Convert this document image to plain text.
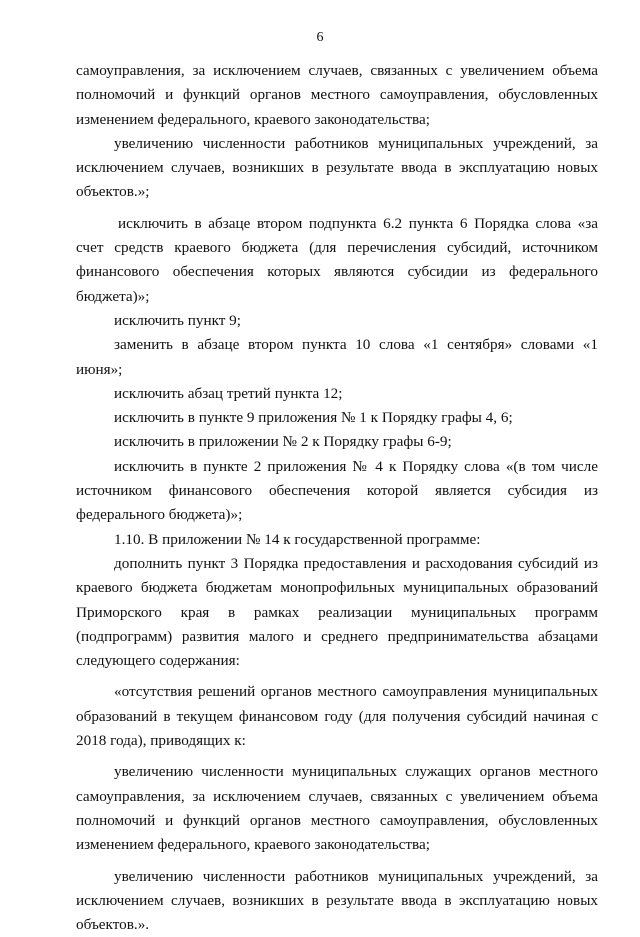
6

самоуправления, за исключением случаев, связанных с увеличением объема полномочий и функций органов местного самоуправления, обусловленных изменением федерального, краевого законодательства;

увеличению численности работников муниципальных учреждений, за исключением случаев, возникших в результате ввода в эксплуатацию новых объектов.»;

исключить в абзаце втором подпункта 6.2 пункта 6 Порядка слова «за счет средств краевого бюджета (для перечисления субсидий, источником финансового обеспечения которых являются субсидии из федерального бюджета)»;

исключить пункт 9;

заменить в абзаце втором пункта 10 слова «1 сентября» словами «1 июня»;

исключить абзац третий пункта 12;

исключить в пункте 9 приложения № 1 к Порядку графы 4, 6;

исключить в приложении № 2 к Порядку графы 6-9;

исключить в пункте 2 приложения № 4 к Порядку слова «(в том числе источником финансового обеспечения которой является субсидия из федерального бюджета)»;

1.10. В приложении № 14 к государственной программе:

дополнить пункт 3 Порядка предоставления и расходования субсидий из краевого бюджета бюджетам монопрофильных муниципальных образований Приморского края в рамках реализации муниципальных программ (подпрограмм) развития малого и среднего предпринимательства абзацами следующего содержания:

«отсутствия решений органов местного самоуправления муниципальных образований в текущем финансовом году (для получения субсидий начиная с 2018 года), приводящих к:

увеличению численности муниципальных служащих органов местного самоуправления, за исключением случаев, связанных с увеличением объема полномочий и функций органов местного самоуправления, обусловленных изменением федерального, краевого законодательства;

увеличению численности работников муниципальных учреждений, за исключением случаев, возникших в результате ввода в эксплуатацию новых объектов.».
